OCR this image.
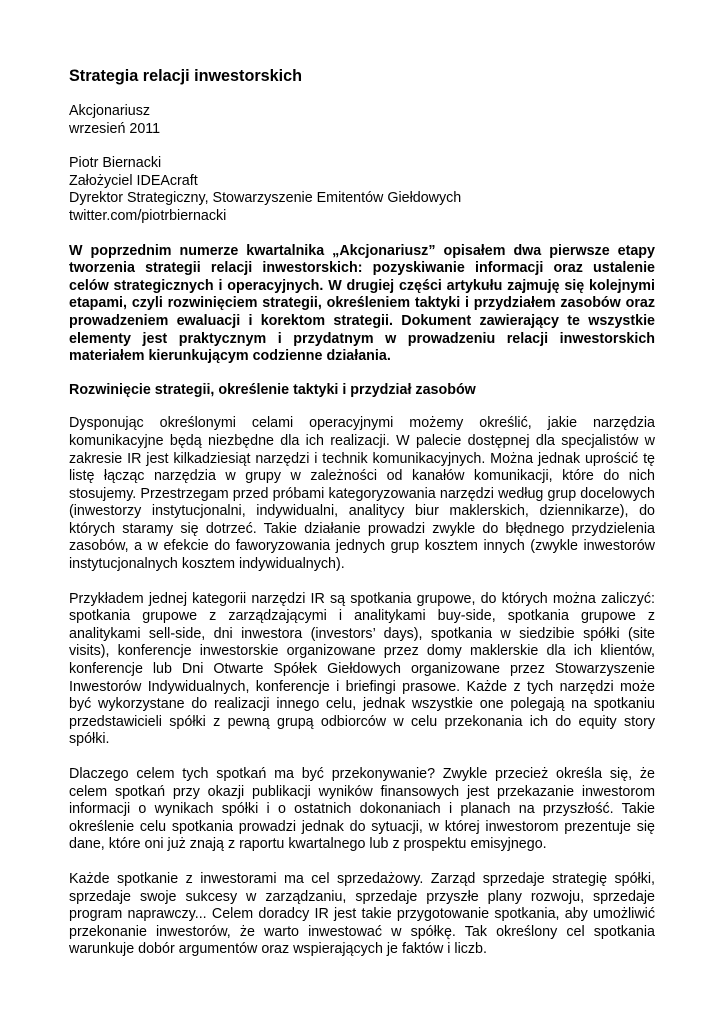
Strategia relacji inwestorskich
Akcjonariusz
wrzesień 2011
Piotr Biernacki
Założyciel IDEAcraft
Dyrektor Strategiczny, Stowarzyszenie Emitentów Giełdowych
twitter.com/piotrbiernacki
W poprzednim numerze kwartalnika „Akcjonariusz” opisałem dwa pierwsze etapy tworzenia strategii relacji inwestorskich: pozyskiwanie informacji oraz ustalenie celów strategicznych i operacyjnych. W drugiej części artykułu zajmuję się kolejnymi etapami, czyli rozwinięciem strategii, określeniem taktyki i przydziałem zasobów oraz prowadzeniem ewaluacji i korektom strategii. Dokument zawierający te wszystkie elementy jest praktycznym i przydatnym w prowadzeniu relacji inwestorskich materiałem kierunkującym codzienne działania.
Rozwinięcie strategii, określenie taktyki i przydział zasobów
Dysponując określonymi celami operacyjnymi możemy określić, jakie narzędzia komunikacyjne będą niezbędne dla ich realizacji. W palecie dostępnej dla specjalistów w zakresie IR jest kilkadziesiąt narzędzi i technik komunikacyjnych. Można jednak uprościć tę listę łącząc narzędzia w grupy w zależności od kanałów komunikacji, które do nich stosujemy. Przestrzegam przed próbami kategoryzowania narzędzi według grup docelowych (inwestorzy instytucjonalni, indywidualni, analitycy biur maklerskich, dziennikarze), do których staramy się dotrzeć. Takie działanie prowadzi zwykle do błędnego przydzielenia zasobów, a w efekcie do faworyzowania jednych grup kosztem innych (zwykle inwestorów instytucjonalnych kosztem indywidualnych).
Przykładem jednej kategorii narzędzi IR są spotkania grupowe, do których można zaliczyć: spotkania grupowe z zarządzającymi i analitykami buy-side, spotkania grupowe z analitykami sell-side, dni inwestora (investors’ days), spotkania w siedzibie spółki (site visits), konferencje inwestorskie organizowane przez domy maklerskie dla ich klientów, konferencje lub Dni Otwarte Spółek Giełdowych organizowane przez Stowarzyszenie Inwestorów Indywidualnych, konferencje i briefingi prasowe. Każde z tych narzędzi może być wykorzystane do realizacji innego celu, jednak wszystkie one polegają na spotkaniu przedstawicieli spółki z pewną grupą odbiorców w celu przekonania ich do equity story spółki.
Dlaczego celem tych spotkań ma być przekonywanie? Zwykle przecież określa się, że celem spotkań przy okazji publikacji wyników finansowych jest przekazanie inwestorom informacji o wynikach spółki i o ostatnich dokonaniach i planach na przyszłość. Takie określenie celu spotkania prowadzi jednak do sytuacji, w której inwestorom prezentuje się dane, które oni już znają z raportu kwartalnego lub z prospektu emisyjnego.
Każde spotkanie z inwestorami ma cel sprzedażowy. Zarząd sprzedaje strategię spółki, sprzedaje swoje sukcesy w zarządzaniu, sprzedaje przyszłe plany rozwoju, sprzedaje program naprawczy... Celem doradcy IR jest takie przygotowanie spotkania, aby umożliwić przekonanie inwestorów, że warto inwestować w spółkę. Tak określony cel spotkania warunkuje dobór argumentów oraz wspierających je faktów i liczb.
